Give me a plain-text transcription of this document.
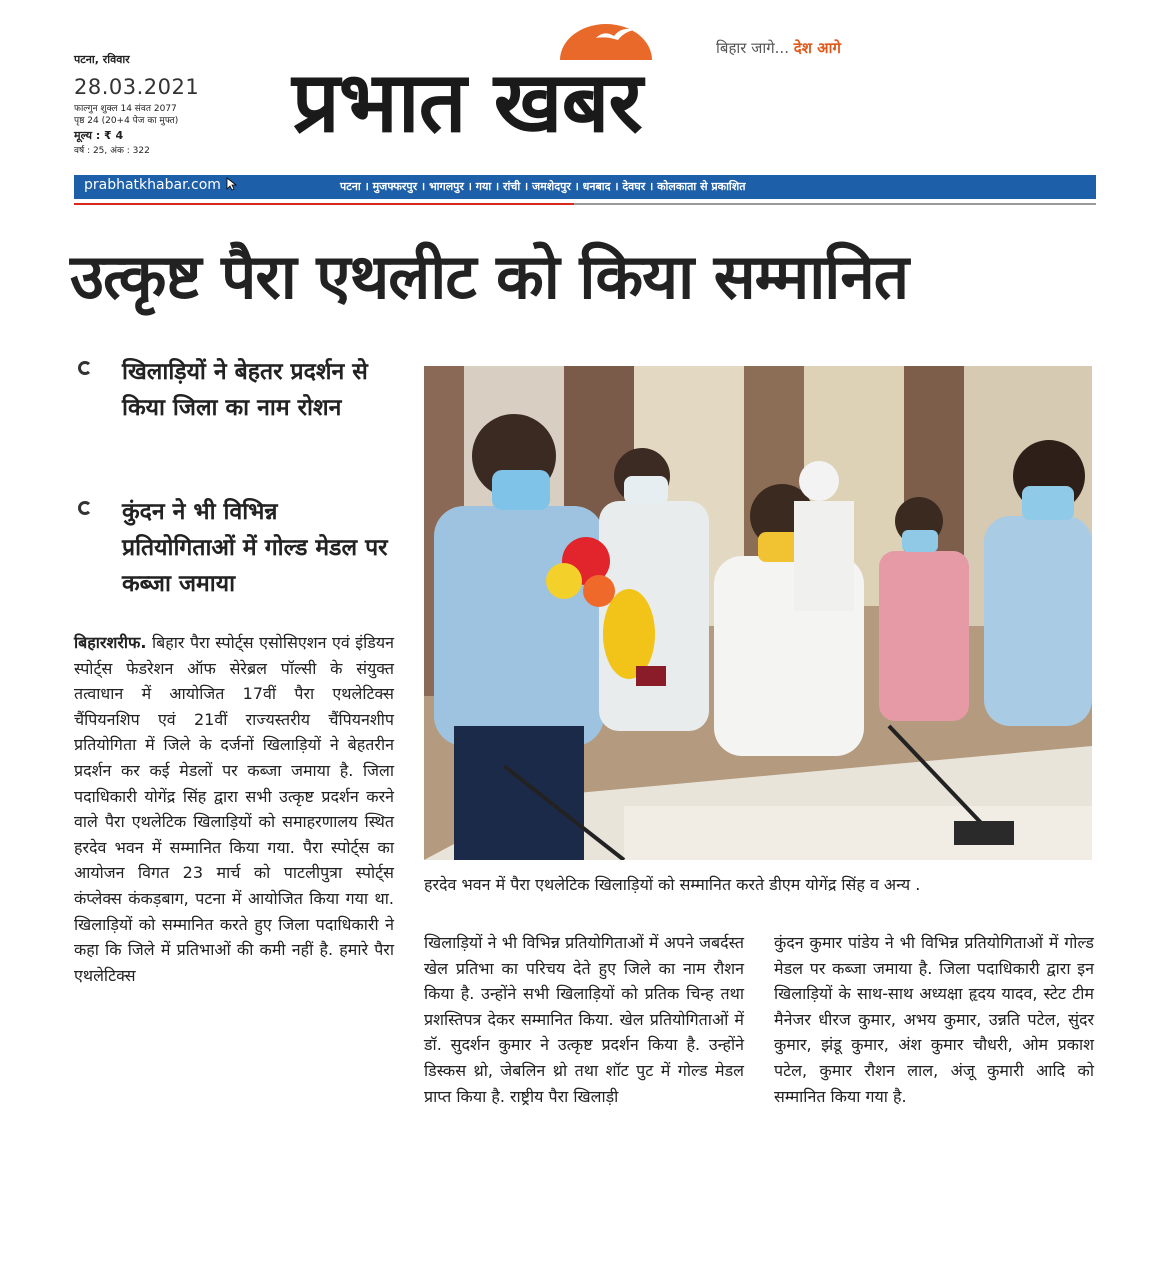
पटना, रविवार
28.03.2021
फाल्गुन शुक्ल 14 संवत 2077
पृष्ठ 24 (20+4 पेज का मुफ्त)
मूल्य : ₹ 4
वर्ष : 25, अंक : 322 प्रभात खबर
बिहार जागे... देश आगे
prabhatkhabar.com	पटना । मुजफ्फरपुर । भागलपुर । गया । रांची । जमशेदपुर । धनबाद । देवघर । कोलकाता से प्रकाशित
उत्कृष्ट पैरा एथलीट को किया सम्मानित
खिलाड़ियों ने बेहतर प्रदर्शन से किया जिला का नाम रोशन
कुंदन ने भी विभिन्न प्रतियोगिताओं में गोल्ड मेडल पर कब्जा जमाया
बिहारशरीफ. बिहार पैरा स्पोर्ट्स एसोसिएशन एवं इंडियन स्पोर्ट्स फेडरेशन ऑफ सेरेब्रल पॉल्सी के संयुक्त तत्वाधान में आयोजित 17वीं पैरा एथलेटिक्स चैंपियनशिप एवं 21वीं राज्यस्तरीय चैंपियनशीप प्रतियोगिता में जिले के दर्जनों खिलाड़ियों ने बेहतरीन प्रदर्शन कर कई मेडलों पर कब्जा जमाया है. जिला पदाधिकारी योगेंद्र सिंह द्वारा सभी उत्कृष्ट प्रदर्शन करने वाले पैरा एथलेटिक खिलाड़ियों को समाहरणालय स्थित हरदेव भवन में सम्मानित किया गया. पैरा स्पोर्ट्स का आयोजन विगत 23 मार्च को पाटलीपुत्रा स्पोर्ट्स कंप्लेक्स कंकड़बाग, पटना में आयोजित किया गया था. खिलाड़ियों को सम्मानित करते हुए जिला पदाधिकारी ने कहा कि जिले में प्रतिभाओं की कमी नहीं है. हमारे पैरा एथलेटिक्स
हरदेव भवन में पैरा एथलेटिक खिलाड़ियों को सम्मानित करते डीएम योगेंद्र सिंह व अन्य .
खिलाड़ियों ने भी विभिन्न प्रतियोगिताओं में अपने जबर्दस्त खेल प्रतिभा का परिचय देते हुए जिले का नाम रौशन किया है. उन्होंने सभी खिलाड़ियों को प्रतिक चिन्ह तथा प्रशस्तिपत्र देकर सम्मानित किया. खेल प्रतियोगिताओं में डॉ. सुदर्शन कुमार ने उत्कृष्ट प्रदर्शन किया है. उन्होंने डिस्कस थ्रो, जेबलिन थ्रो तथा शॉट पुट में गोल्ड मेडल प्राप्त किया है. राष्ट्रीय पैरा खिलाड़ी
कुंदन कुमार पांडेय ने भी विभिन्न प्रतियोगिताओं में गोल्ड मेडल पर कब्जा जमाया है. जिला पदाधिकारी द्वारा इन खिलाड़ियों के साथ-साथ अध्यक्षा हृदय यादव, स्टेट टीम मैनेजर धीरज कुमार, अभय कुमार, उन्नति पटेल, सुंदर कुमार, झंडू कुमार, अंश कुमार चौधरी, ओम प्रकाश पटेल, कुमार रौशन लाल, अंजू कुमारी आदि को सम्मानित किया गया है.
